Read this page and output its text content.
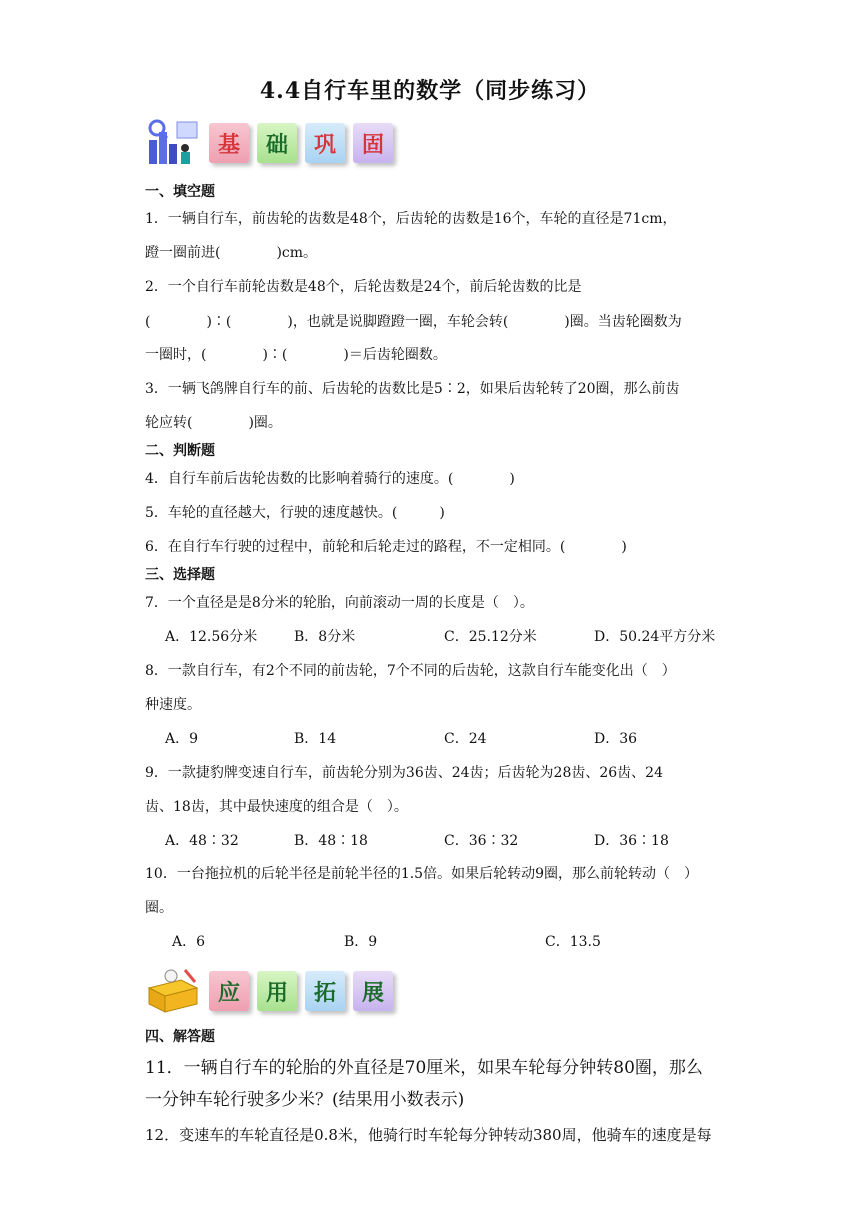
4.4自行车里的数学（同步练习）
基	础	巩	固
一、填空题
1．一辆自行车，前齿轮的齿数是48个，后齿轮的齿数是16个，车轮的直径是71cm，
蹬一圈前进(　　　　)cm。
2．一个自行车前轮齿数是48个，后轮齿数是24个，前后轮齿数的比是
(　　　　)∶(　　　　)，也就是说脚蹬蹬一圈，车轮会转(　　　　)圈。当齿轮圈数为
一圈时，(　　　　)∶(　　　　)＝后齿轮圈数。
3．一辆飞鸽牌自行车的前、后齿轮的齿数比是5∶2，如果后齿轮转了20圈，那么前齿
轮应转(　　　　)圈。
二、判断题
4．自行车前后齿轮齿数的比影响着骑行的速度。(　　　　)
5．车轮的直径越大，行驶的速度越快。(　　　)
6．在自行车行驶的过程中，前轮和后轮走过的路程，不一定相同。(　　　　)
三、选择题
7．一个直径是是8分米的轮胎，向前滚动一周的长度是（　）。
A．12.56分米	B．8分米	C．25.12分米	D．50.24平方分米
8．一款自行车，有2个不同的前齿轮，7个不同的后齿轮，这款自行车能变化出（　）
种速度。
A．9	B．14	C．24	D．36
9．一款捷豹牌变速自行车，前齿轮分别为36齿、24齿；后齿轮为28齿、26齿、24
齿、18齿，其中最快速度的组合是（　）。
A．48∶32	B．48∶18	C．36∶32	D．36∶18
10．一台拖拉机的后轮半径是前轮半径的1.5倍。如果后轮转动9圈，那么前轮转动（　）
圈。
A．6	B．9	C．13.5
应	用	拓	展
四、解答题
11．一辆自行车的轮胎的外直径是70厘米，如果车轮每分钟转80圈，那么
一分钟车轮行驶多少米？(结果用小数表示)
12．变速车的车轮直径是0.8米，他骑行时车轮每分钟转动380周，他骑车的速度是每
